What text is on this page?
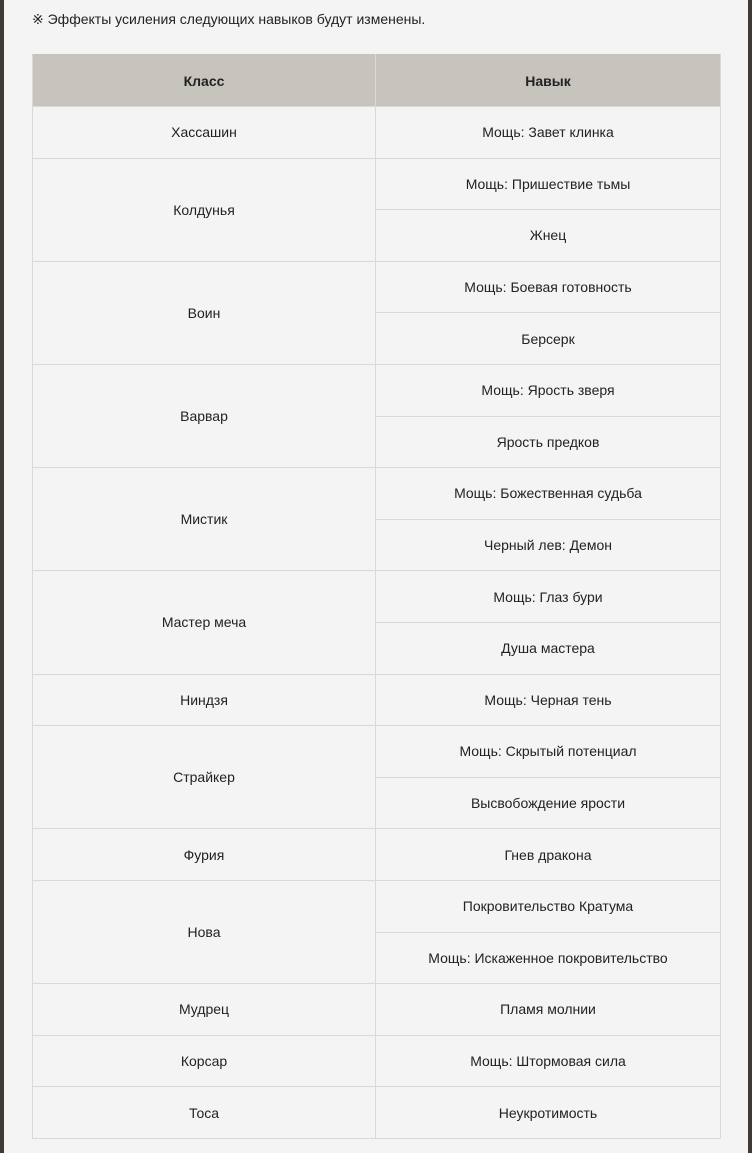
※ Эффекты усиления следующих навыков будут изменены.
Класс	Навык
Хассашин	Мощь: Завет клинка
Колдунья	Мощь: Пришествие тьмы
	Жнец
Воин	Мощь: Боевая готовность
	Берсерк
Варвар	Мощь: Ярость зверя
	Ярость предков
Мистик	Мощь: Божественная судьба
	Черный лев: Демон
Мастер меча	Мощь: Глаз бури
	Душа мастера
Ниндзя	Мощь: Черная тень
Страйкер	Мощь: Скрытый потенциал
	Высвобождение ярости
Фурия	Гнев дракона
Нова	Покровительство Кратума
	Мощь: Искаженное покровительство
Мудрец	Пламя молнии
Корсар	Мощь: Штормовая сила
Тоса	Неукротимость
